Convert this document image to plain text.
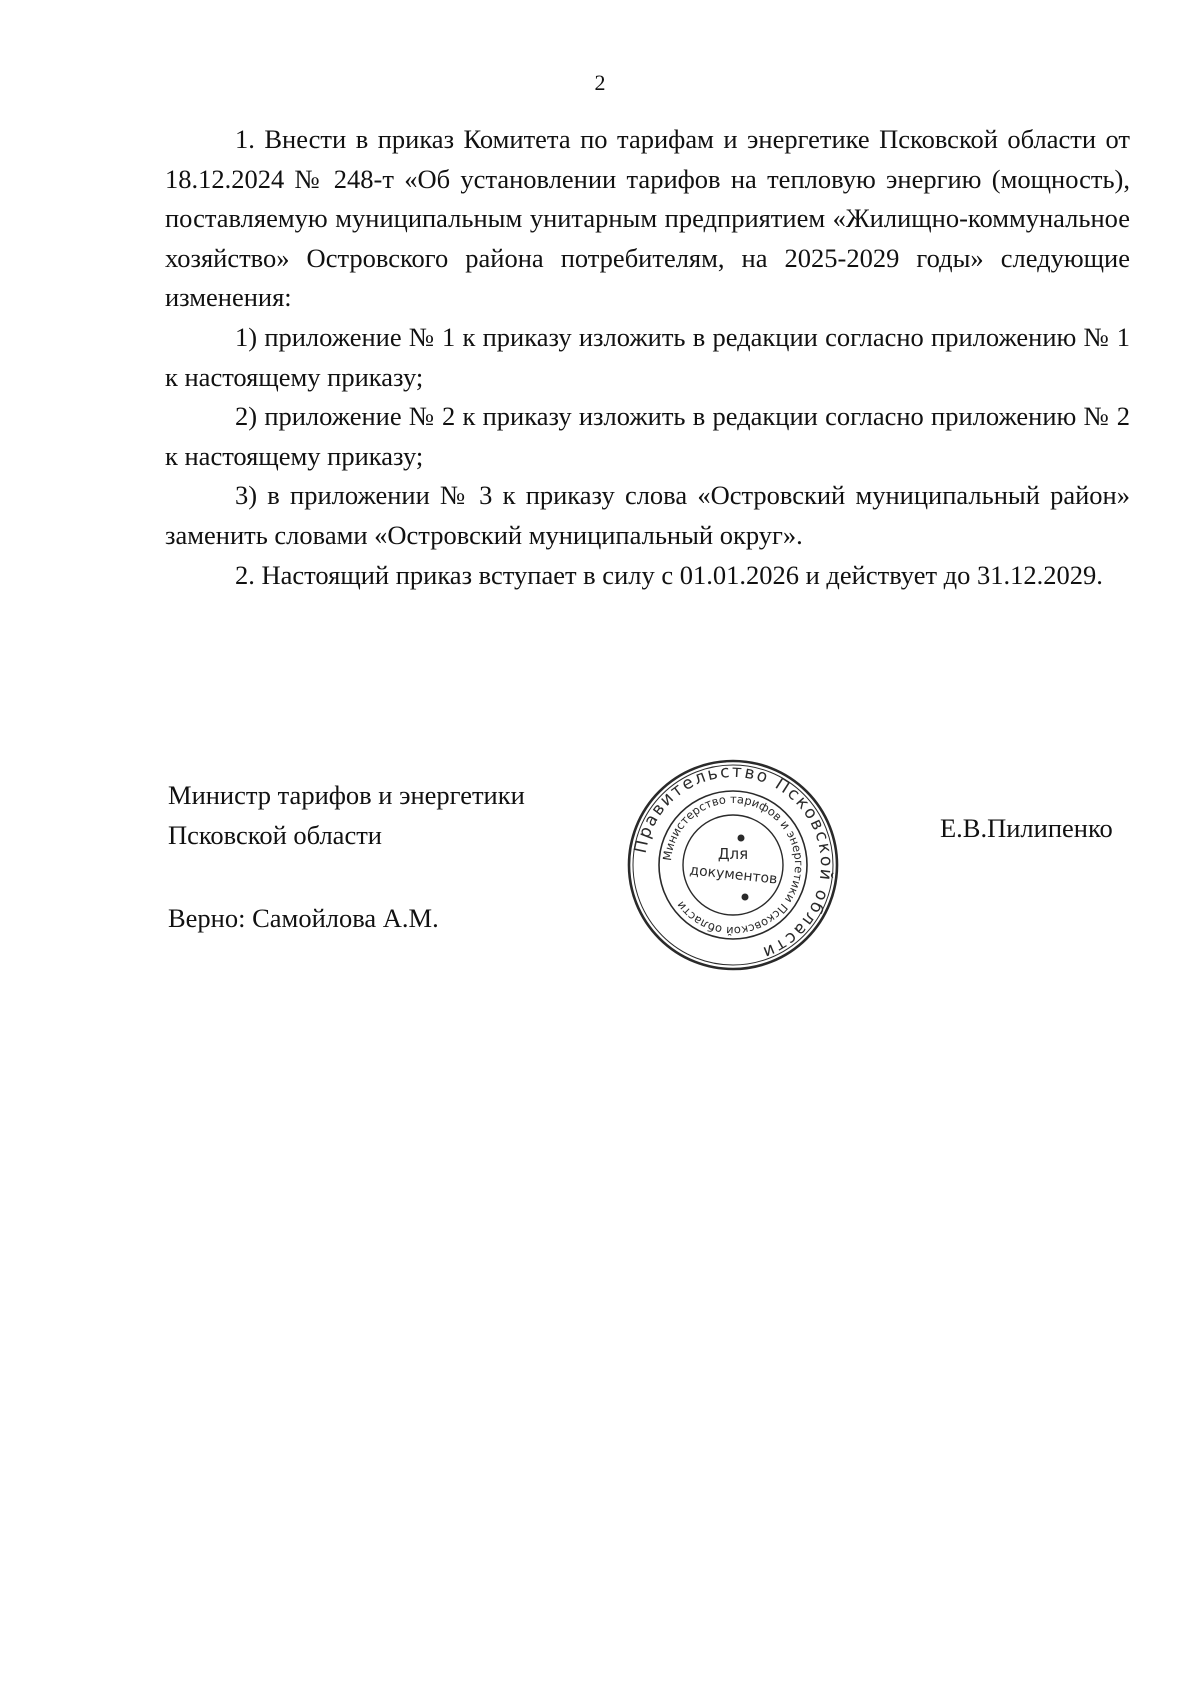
2

1. Внести в приказ Комитета по тарифам и энергетике Псковской области от 18.12.2024 № 248-т «Об установлении тарифов на тепловую энергию (мощность), поставляемую муниципальным унитарным предприятием «Жилищно-коммунальное хозяйство» Островского района потребителям, на 2025-2029 годы» следующие изменения:

1) приложение № 1 к приказу изложить в редакции согласно приложению № 1 к настоящему приказу;

2) приложение № 2 к приказу изложить в редакции согласно приложению № 2 к настоящему приказу;

3) в приложении № 3 к приказу слова «Островский муниципальный район» заменить словами «Островский муниципальный округ».

2. Настоящий приказ вступает в силу с 01.01.2026 и действует до 31.12.2029.

Министр тарифов и энергетики
Псковской области	Е.В.Пилипенко
Верно: Самойлова А.М.
Правительство Псковской области
Министерство тарифов и энергетики Псковской области
Для
документов
